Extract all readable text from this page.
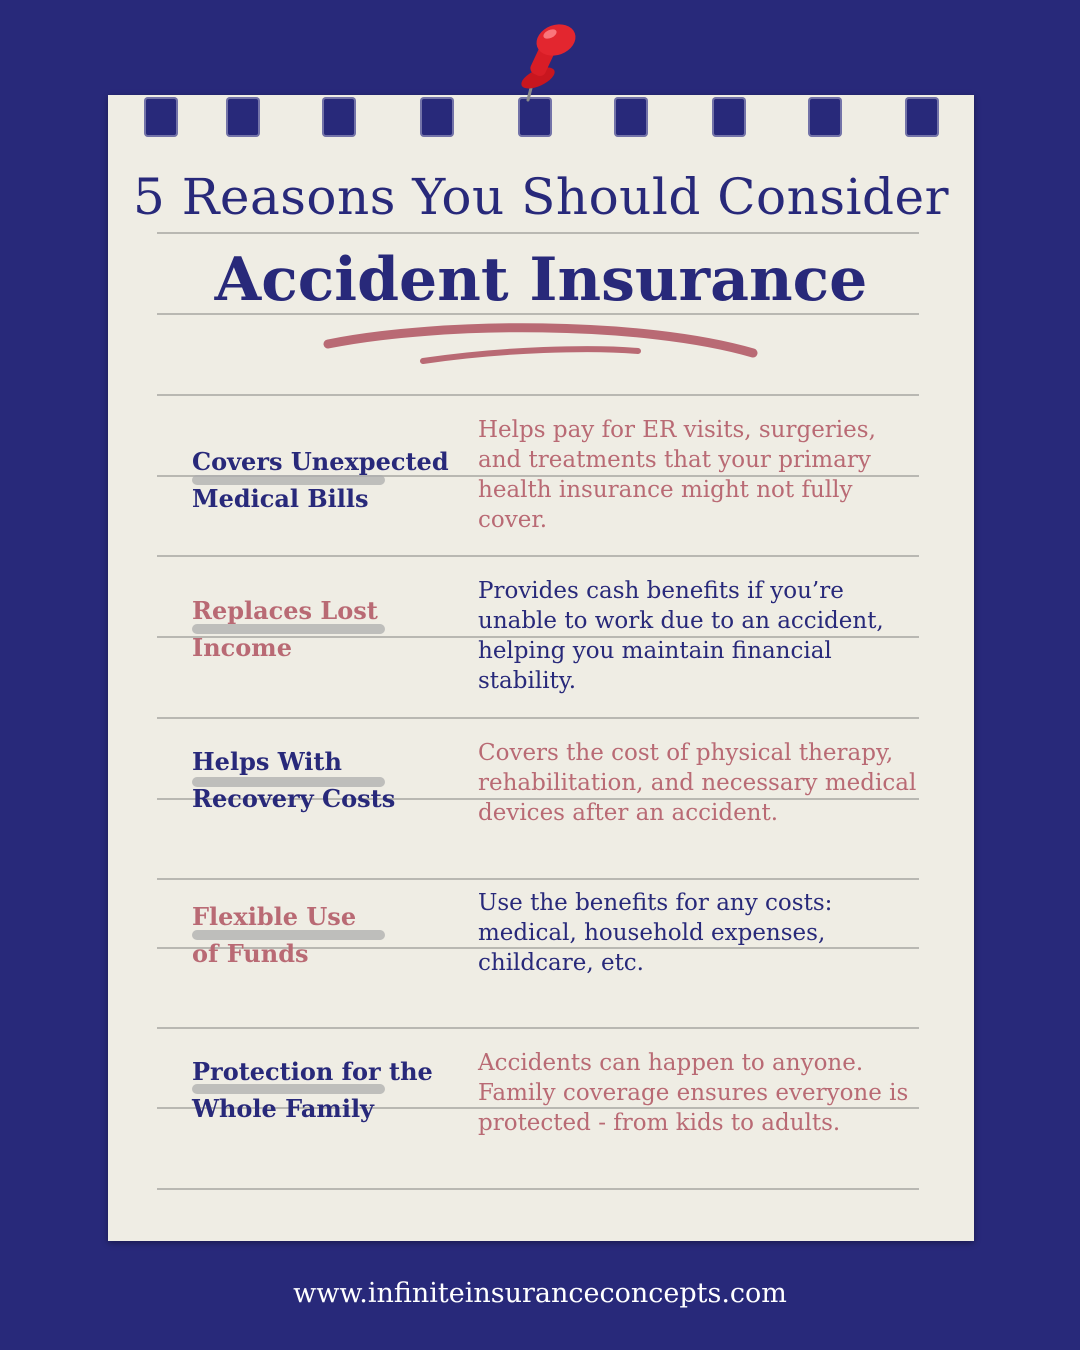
5 Reasons You Should Consider
Accident Insurance
Covers Unexpected
Medical Bills
Helps pay for ER visits, surgeries, and treatments that your primary health insurance might not fully cover.
Replaces Lost
Income
Provides cash benefits if you’re unable to work due to an accident, helping you maintain financial stability.
Helps With
Recovery Costs
Covers the cost of physical therapy, rehabilitation, and necessary medical devices after an accident.
Flexible Use
of Funds
Use the benefits for any costs: medical, household expenses, childcare, etc.
Protection for the
Whole Family
Accidents can happen to anyone. Family coverage ensures everyone is protected - from kids to adults.
www.infiniteinsuranceconcepts.com
